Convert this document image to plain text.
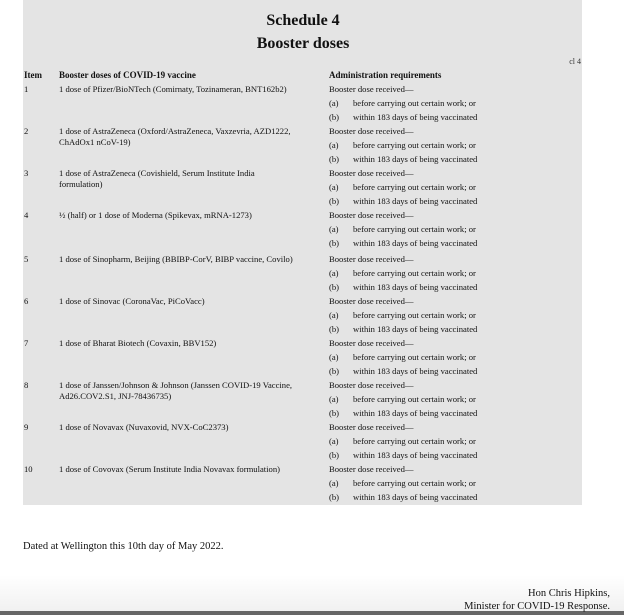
Schedule 4
Booster doses
cl 4
Item Booster doses of COVID-19 vaccine	Administration requirements
1	1 dose of Pfizer/BioNTech (Comirnaty, Tozinameran, BNT162b2)	Booster dose received—
(a) before carrying out certain work; or
(b) within 183 days of being vaccinated
2	1 dose of AstraZeneca (Oxford/AstraZeneca, Vaxzevria, AZD1222,
ChAdOx1 nCoV-19)
Booster dose received—
(a) before carrying out certain work; or
(b) within 183 days of being vaccinated
3	1 dose of AstraZeneca (Covishield, Serum Institute India
formulation)
Booster dose received—
(a) before carrying out certain work; or
(b) within 183 days of being vaccinated
4	½ (half) or 1 dose of Moderna (Spikevax, mRNA-1273)	Booster dose received—
(a) before carrying out certain work; or
(b) within 183 days of being vaccinated
5	1 dose of Sinopharm, Beijing (BBIBP-CorV, BIBP vaccine, Covilo)	Booster dose received—
(a) before carrying out certain work; or
(b) within 183 days of being vaccinated
6	1 dose of Sinovac (CoronaVac, PiCoVacc)	Booster dose received—
(a) before carrying out certain work; or
(b) within 183 days of being vaccinated
7	1 dose of Bharat Biotech (Covaxin, BBV152)	Booster dose received—
(a) before carrying out certain work; or
(b) within 183 days of being vaccinated
8	1 dose of Janssen/Johnson & Johnson (Janssen COVID-19 Vaccine,
Ad26.COV2.S1, JNJ-78436735)
Booster dose received—
(a) before carrying out certain work; or
(b) within 183 days of being vaccinated
9	1 dose of Novavax (Nuvaxovid, NVX-CoC2373)	Booster dose received—
(a) before carrying out certain work; or
(b) within 183 days of being vaccinated
10	1 dose of Covovax (Serum Institute India Novavax formulation)	Booster dose received—
(a) before carrying out certain work; or
(b) within 183 days of being vaccinated
Dated at Wellington this 10th day of May 2022.
Hon Chris Hipkins,
Minister for COVID-19 Response.
